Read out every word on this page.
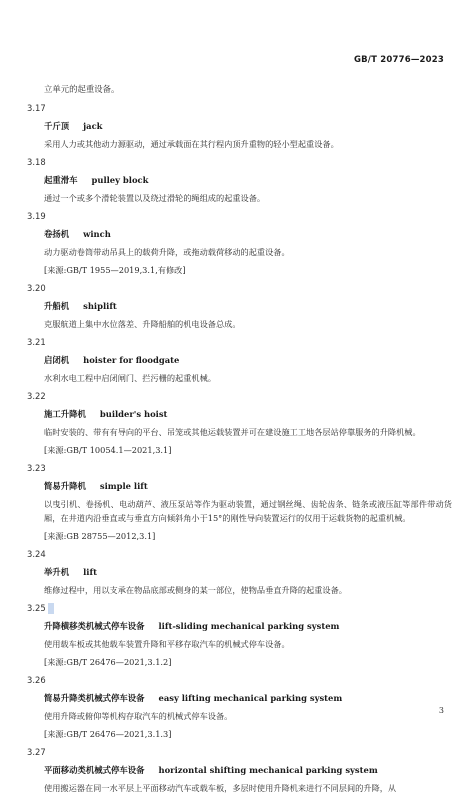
GB/T 20776—2023
立单元的起重设备。
3.17
千斤顶 jack
采用人力或其他动力源驱动，通过承载面在其行程内顶升重物的轻小型起重设备。
3.18
起重滑车 pulley block
通过一个或多个滑轮装置以及绕过滑轮的绳组成的起重设备。
3.19
卷扬机 winch
动力驱动卷筒带动吊具上的载荷升降，或拖动载荷移动的起重设备。
[来源:GB/T 1955—2019,3.1,有修改]
3.20
升船机 shiplift
克服航道上集中水位落差、升降船舶的机电设备总成。
3.21
启闭机 hoister for floodgate
水利水电工程中启闭闸门、拦污栅的起重机械。
3.22
施工升降机 builder's hoist
临时安装的、带有有导向的平台、吊笼或其他运载装置并可在建设施工工地各层站停靠服务的升降机械。
[来源:GB/T 10054.1—2021,3.1]
3.23
简易升降机 simple lift
以曳引机、卷扬机、电动葫芦、液压泵站等作为驱动装置，通过钢丝绳、齿轮齿条、链条或液压缸等部件带动货厢，在井道内沿垂直或与垂直方向倾斜角小于15°的刚性导向装置运行的仅用于运载货物的起重机械。
[来源:GB 28755—2012,3.1]
3.24
举升机 lift
维修过程中，用以支承在物品底部或侧身的某一部位，使物品垂直升降的起重设备。
3.25
升降横移类机械式停车设备 lift-sliding mechanical parking system
使用载车板或其他载车装置升降和平移存取汽车的机械式停车设备。
[来源:GB/T 26476—2021,3.1.2]
3.26
简易升降类机械式停车设备 easy lifting mechanical parking system
使用升降或俯仰等机构存取汽车的机械式停车设备。
[来源:GB/T 26476—2021,3.1.3]
3.27
平面移动类机械式停车设备 horizontal shifting mechanical parking system
使用搬运器在同一水平层上平面移动汽车或载车板，多层时使用升降机来进行不同层间的升降，从
3
